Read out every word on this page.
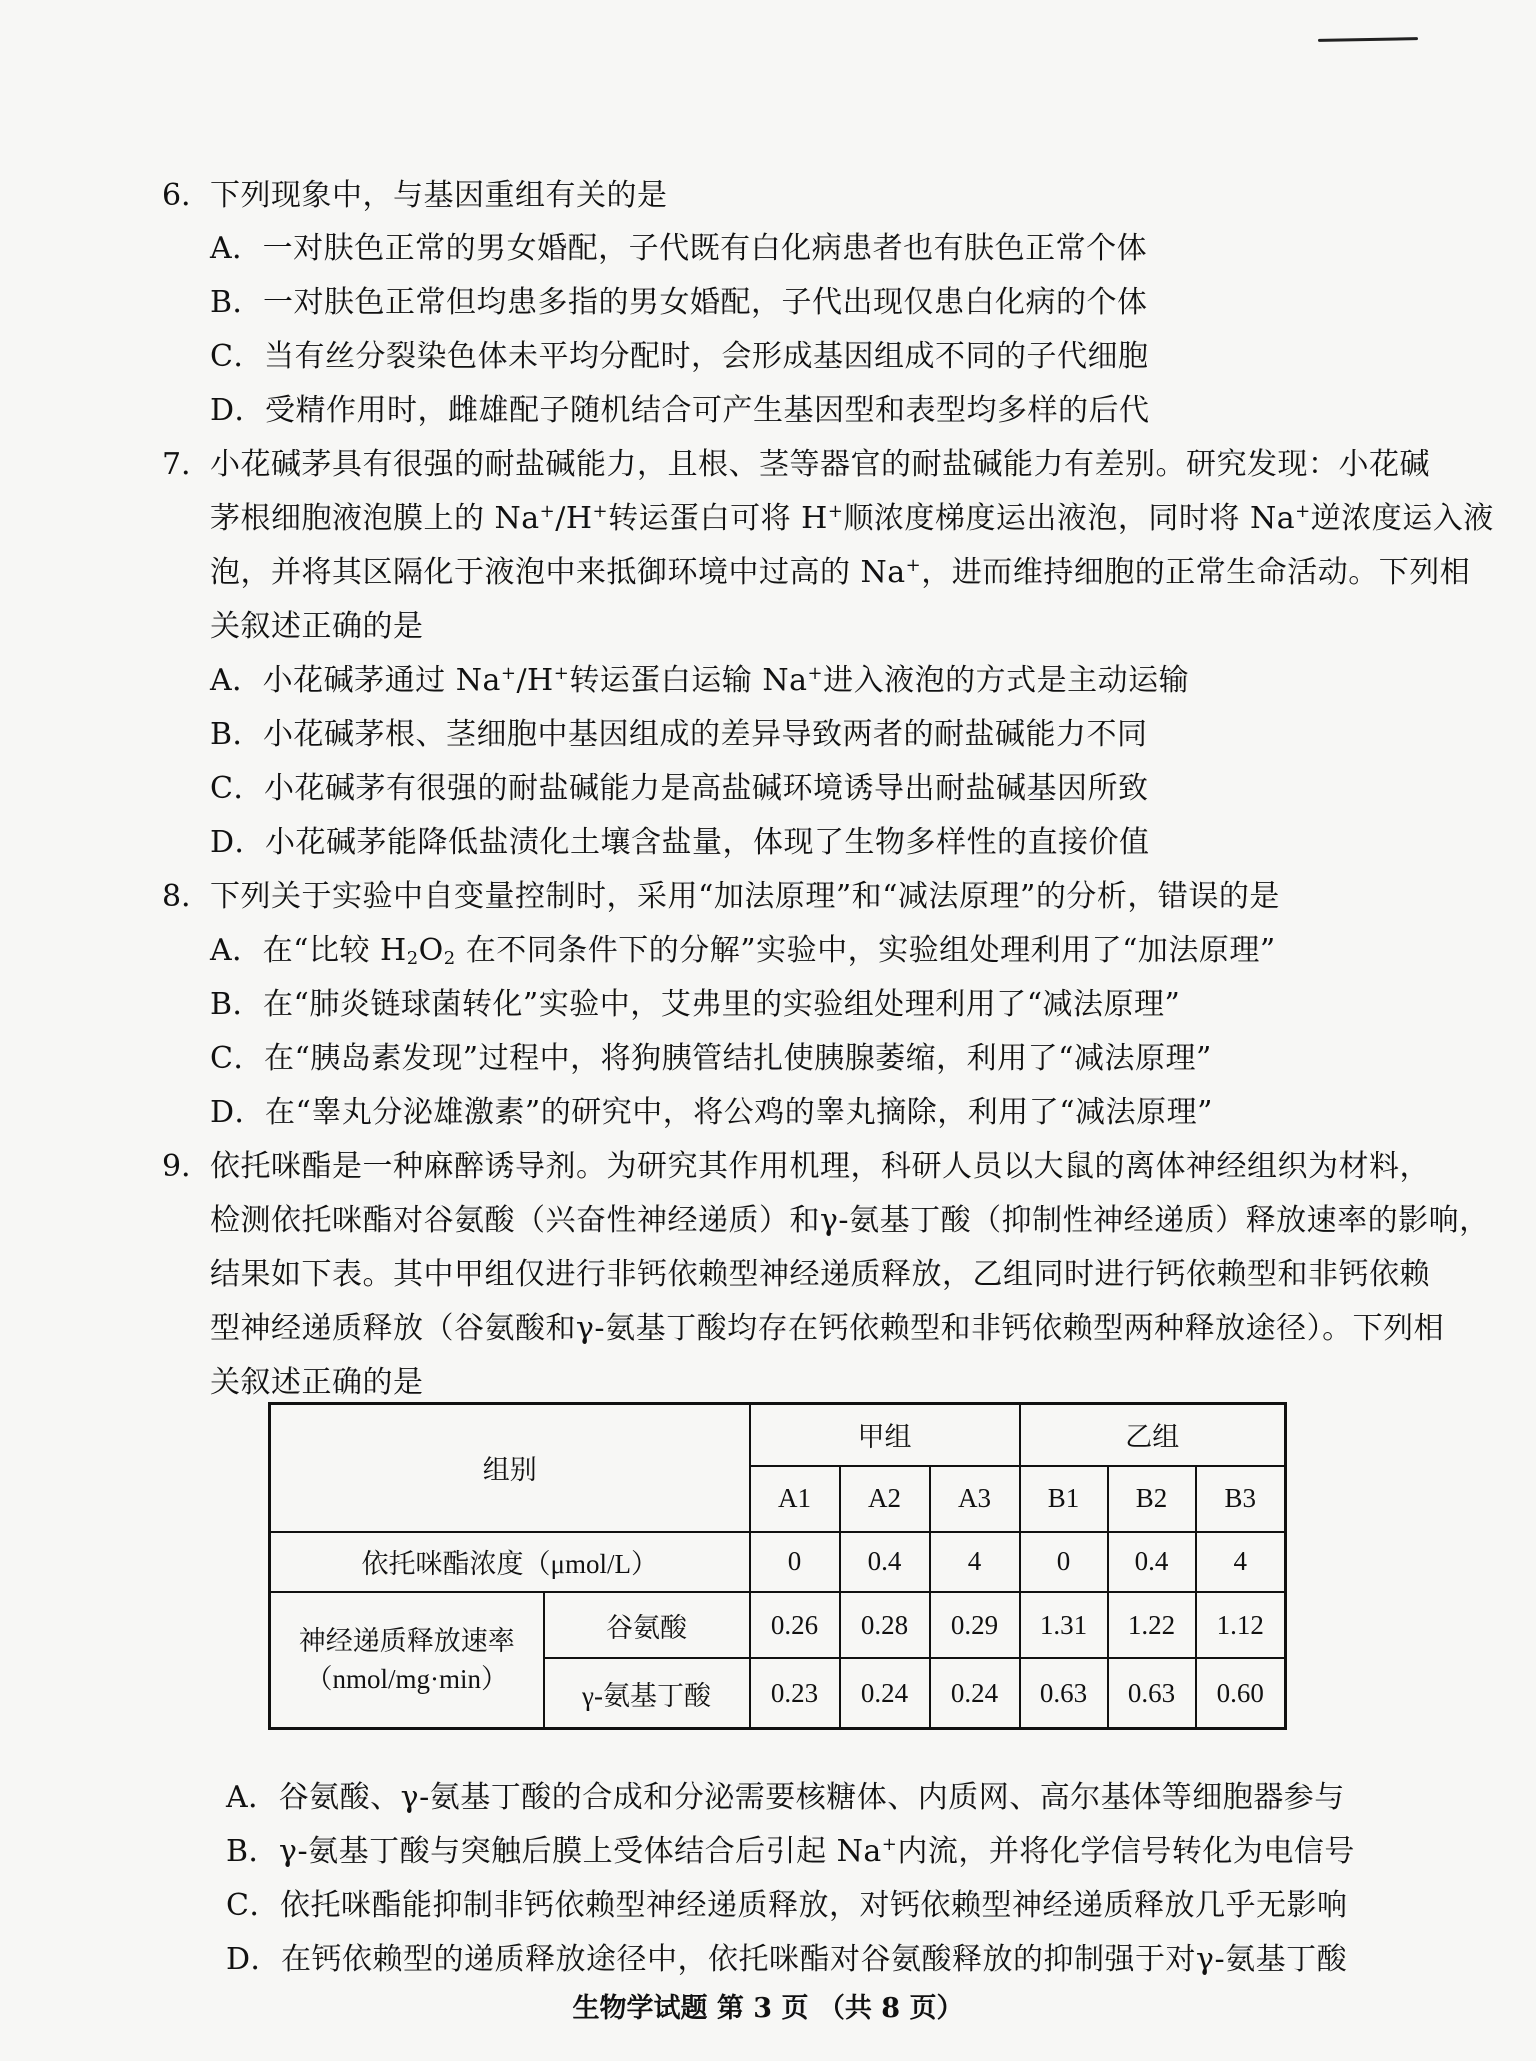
6．
下列现象中，与基因重组有关的是
A．一对肤色正常的男女婚配，子代既有白化病患者也有肤色正常个体
B．一对肤色正常但均患多指的男女婚配，子代出现仅患白化病的个体
C．当有丝分裂染色体未平均分配时，会形成基因组成不同的子代细胞
D．受精作用时，雌雄配子随机结合可产生基因型和表型均多样的后代
7．
小花碱茅具有很强的耐盐碱能力，且根、茎等器官的耐盐碱能力有差别。研究发现：小花碱
茅根细胞液泡膜上的 Na+/H+转运蛋白可将 H+顺浓度梯度运出液泡，同时将 Na+逆浓度运入液
泡，并将其区隔化于液泡中来抵御环境中过高的 Na+，进而维持细胞的正常生命活动。下列相
关叙述正确的是
A．小花碱茅通过 Na+/H+转运蛋白运输 Na+进入液泡的方式是主动运输
B．小花碱茅根、茎细胞中基因组成的差异导致两者的耐盐碱能力不同
C．小花碱茅有很强的耐盐碱能力是高盐碱环境诱导出耐盐碱基因所致
D．小花碱茅能降低盐渍化土壤含盐量，体现了生物多样性的直接价值
8．
下列关于实验中自变量控制时，采用“加法原理”和“减法原理”的分析，错误的是
A．在“比较 $H_2O_2$ 在不同条件下的分解”实验中，实验组处理利用了“加法原理”
B．在“肺炎链球菌转化”实验中，艾弗里的实验组处理利用了“减法原理”
C．在“胰岛素发现”过程中，将狗胰管结扎使胰腺萎缩，利用了“减法原理”
D．在“睾丸分泌雄激素”的研究中，将公鸡的睾丸摘除，利用了“减法原理”
9．
依托咪酯是一种麻醉诱导剂。为研究其作用机理，科研人员以大鼠的离体神经组织为材料，
检测依托咪酯对谷氨酸（兴奋性神经递质）和γ-氨基丁酸（抑制性神经递质）释放速率的影响，
结果如下表。其中甲组仅进行非钙依赖型神经递质释放，乙组同时进行钙依赖型和非钙依赖
型神经递质释放（谷氨酸和γ-氨基丁酸均存在钙依赖型和非钙依赖型两种释放途径）。下列相
关叙述正确的是
组别		甲组			乙组		
		A1	A2	A3	B1	B2	B3
依托咪酯浓度（μmol/L）		0	0.4	4	0	0.4	4
神经递质释放速率
（nmol/mg·min）	谷氨酸	0.26	0.28	0.29	1.31	1.22	1.12
	γ-氨基丁酸	0.23	0.24	0.24	0.63	0.63	0.60
A．谷氨酸、γ-氨基丁酸的合成和分泌需要核糖体、内质网、高尔基体等细胞器参与
B．γ-氨基丁酸与突触后膜上受体结合后引起 Na+内流，并将化学信号转化为电信号
C．依托咪酯能抑制非钙依赖型神经递质释放，对钙依赖型神经递质释放几乎无影响
D．在钙依赖型的递质释放途径中，依托咪酯对谷氨酸释放的抑制强于对γ-氨基丁酸
生物学试题 第 3 页 （共 8 页）
